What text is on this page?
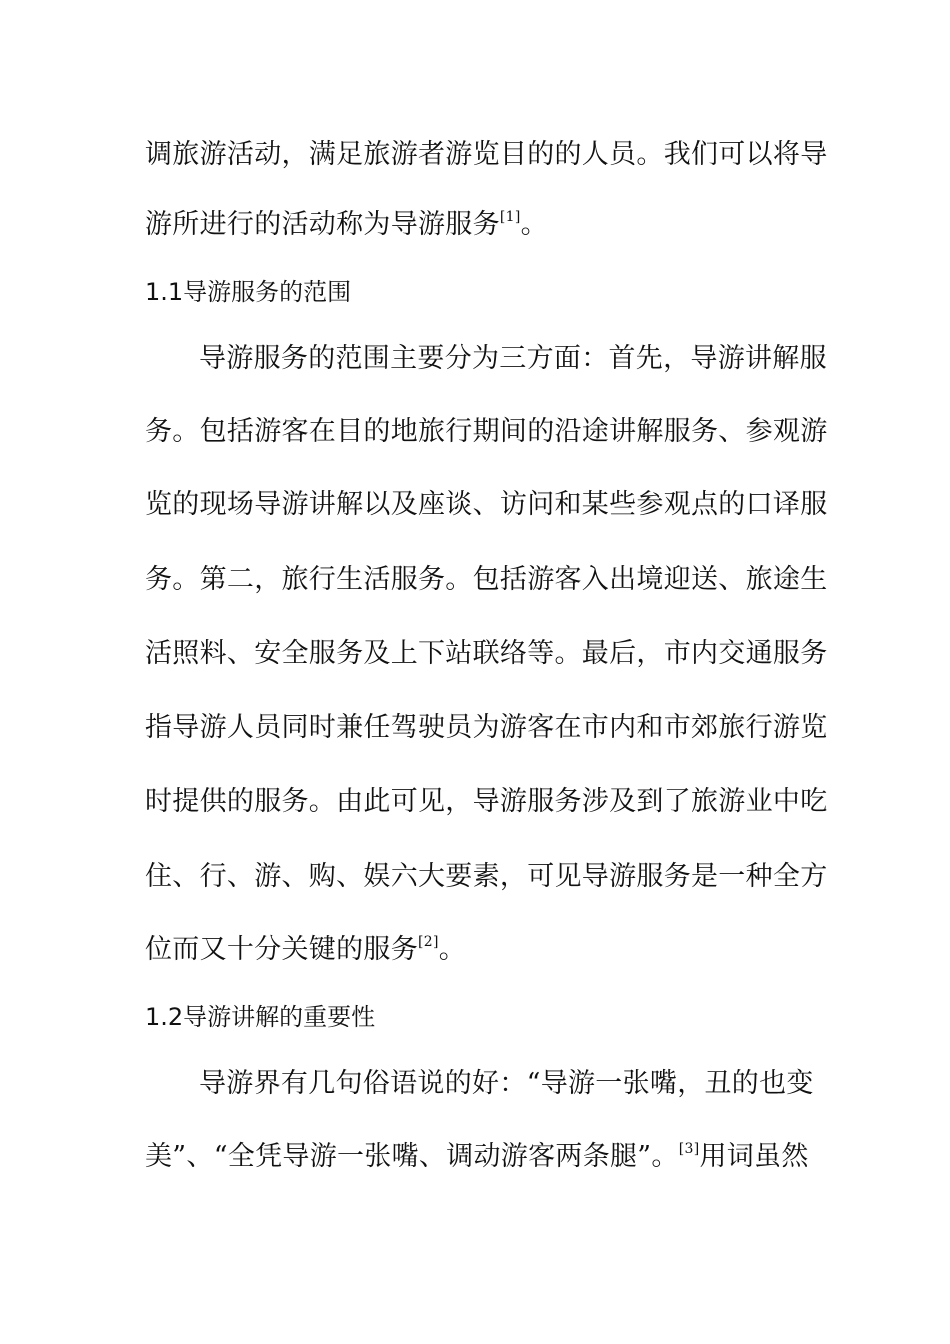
调旅游活动，满足旅游者游览目的的人员。我们可以将导
游所进行的活动称为导游服务[1]。
1.1导游服务的范围
导游服务的范围主要分为三方面：首先，导游讲解服
务。包括游客在目的地旅行期间的沿途讲解服务、参观游
览的现场导游讲解以及座谈、访问和某些参观点的口译服
务。第二，旅行生活服务。包括游客入出境迎送、旅途生
活照料、安全服务及上下站联络等。最后，市内交通服务
指导游人员同时兼任驾驶员为游客在市内和市郊旅行游览
时提供的服务。由此可见，导游服务涉及到了旅游业中吃
住、行、游、购、娱六大要素，可见导游服务是一种全方
位而又十分关键的服务[2]。
1.2导游讲解的重要性
导游界有几句俗语说的好：“导游一张嘴，丑的也变
美”、“全凭导游一张嘴、调动游客两条腿”。[3]用词虽然
